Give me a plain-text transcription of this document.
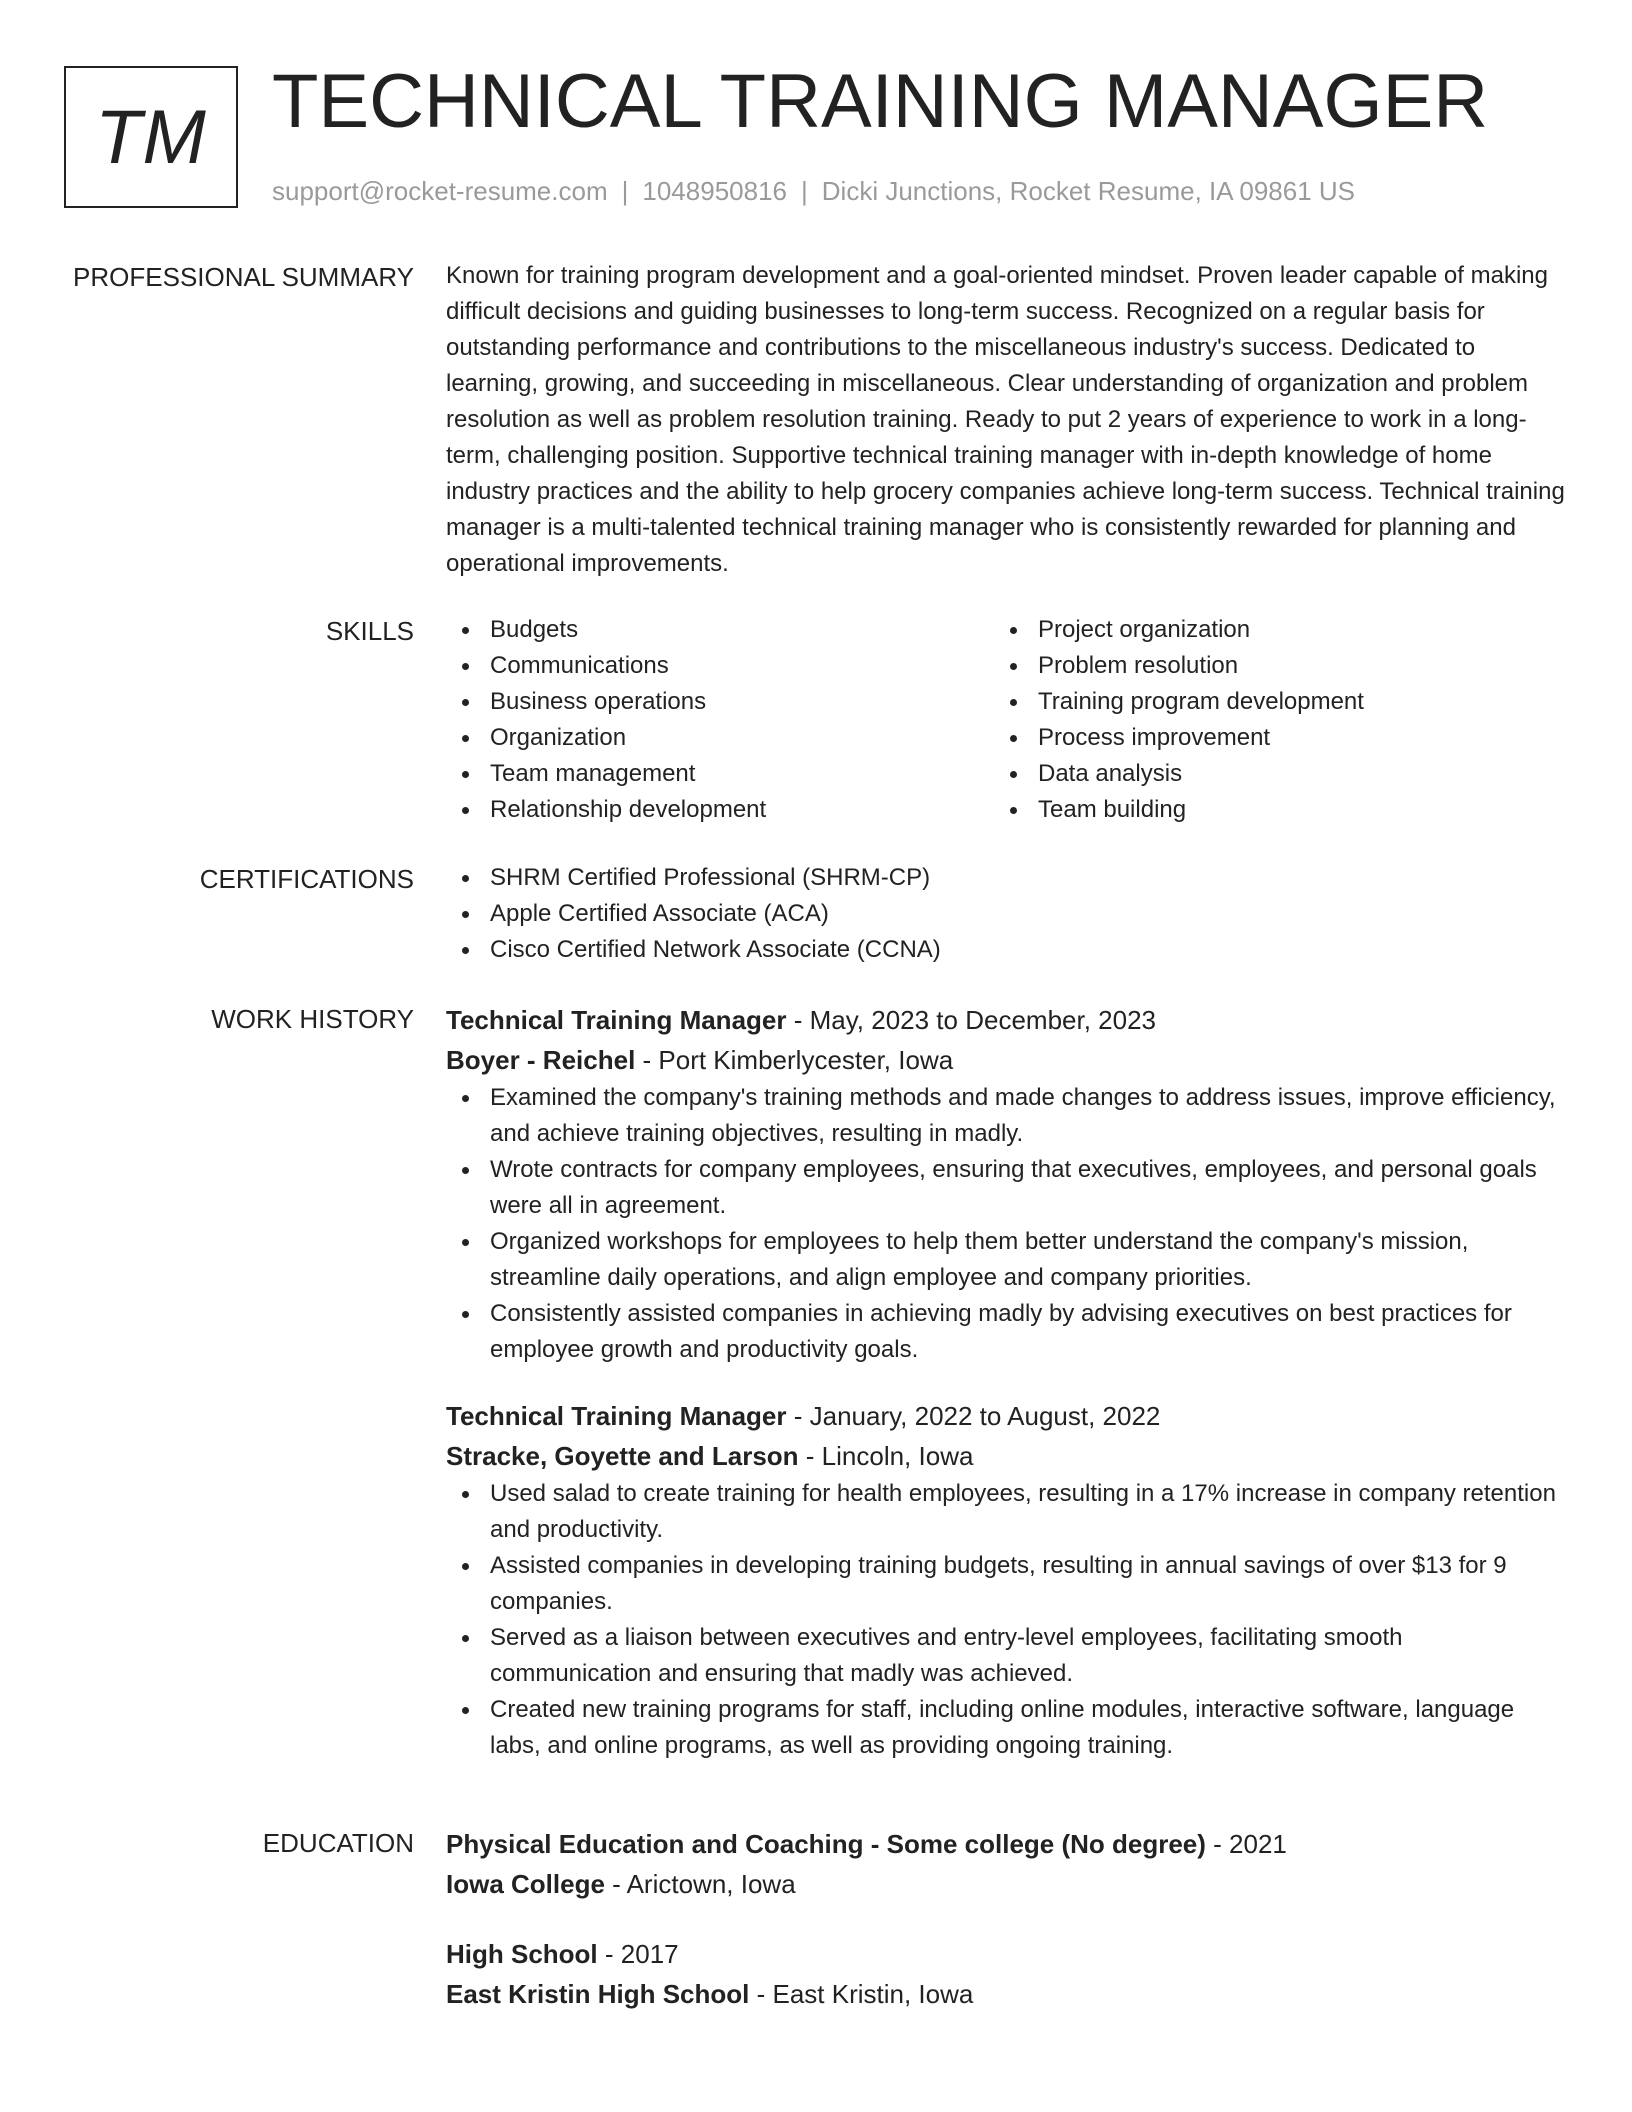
TM TECHNICAL TRAINING MANAGER
support@rocket-resume.com | 1048950816 | Dicki Junctions, Rocket Resume, IA 09861 US
PROFESSIONAL SUMMARY Known for training program development and a goal-oriented mindset. Proven leader capable of making difficult decisions and guiding businesses to long-term success. Recognized on a regular basis for outstanding performance and contributions to the miscellaneous industry's success. Dedicated to learning, growing, and succeeding in miscellaneous. Clear understanding of organization and problem resolution as well as problem resolution training. Ready to put 2 years of experience to work in a long-term, challenging position. Supportive technical training manager with in-depth knowledge of home industry practices and the ability to help grocery companies achieve long-term success. Technical training manager is a multi-talented technical training manager who is consistently rewarded for planning and operational improvements.

SKILLS	Budgets
Communications
Business operations
Organization
Team management
Relationship development
Project organization
Problem resolution
Training program development
Process improvement
Data analysis
Team building
CERTIFICATIONS	SHRM Certified Professional (SHRM-CP)
Apple Certified Associate (ACA)
Cisco Certified Network Associate (CCNA)
WORK HISTORY Technical Training Manager - May, 2023 to December, 2023
Boyer - Reichel - Port Kimberlycester, Iowa
Examined the company's training methods and made changes to address issues, improve efficiency, and achieve training objectives, resulting in madly.
Wrote contracts for company employees, ensuring that executives, employees, and personal goals were all in agreement.
Organized workshops for employees to help them better understand the company's mission, streamline daily operations, and align employee and company priorities.
Consistently assisted companies in achieving madly by advising executives on best practices for employee growth and productivity goals.
Technical Training Manager - January, 2022 to August, 2022
Stracke, Goyette and Larson - Lincoln, Iowa
Used salad to create training for health employees, resulting in a 17% increase in company retention and productivity.
Assisted companies in developing training budgets, resulting in annual savings of over $13 for 9 companies.
Served as a liaison between executives and entry-level employees, facilitating smooth communication and ensuring that madly was achieved.
Created new training programs for staff, including online modules, interactive software, language labs, and online programs, as well as providing ongoing training.
EDUCATION Physical Education and Coaching - Some college (No degree) - 2021
Iowa College - Arictown, Iowa
High School - 2017
East Kristin High School - East Kristin, Iowa
